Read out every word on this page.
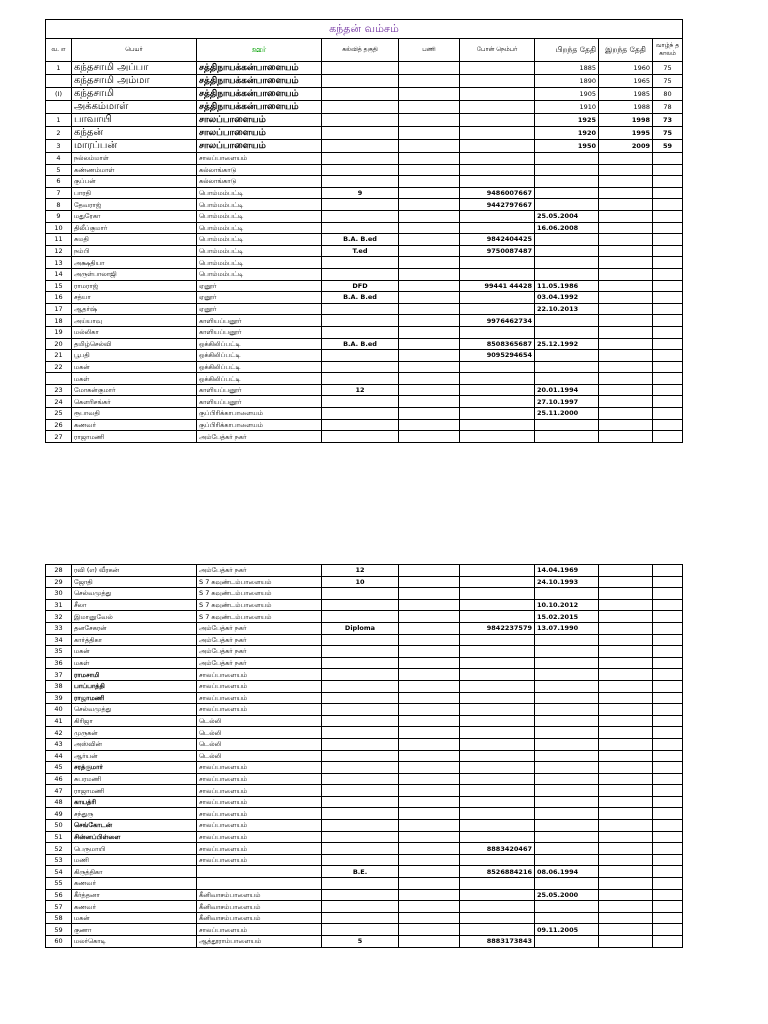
கந்தன் வம்சம்								
வ. எ	பெயர்	ஊர்	கல்வித் தகுதி	பணி	போன் நெம்பர்	பிறந்த தேதி	இறந்த தேதி	வாழ்ந் த காலம்
1	கந்தசாமி அப்பா	சத்திநாயக்கன்பாளையம்				1885	1960	75
	கந்தசாமி அம்மா	சத்திநாயக்கன்பாளையம்				1890	1965	75
(I)	கந்தசாமி	சத்திநாயக்கன்பாளையம்				1905	1985	80
	அக்கம்மாள்	சத்திநாயக்கன்பாளையம்				1910	1988	78
1	பாவாயி	சாலப்பாளையம்				1925	1998	73
2	கந்தன்	சாலப்பாளையம்				1920	1995	75
3	மாரப்பன்	சாலப்பாளையம்				1950	2009	59
4	நல்லம்மாள்	சாலப்பாளையம்						
5	கண்ணம்மாள்	கல்லாங்காடு						
6	குப்பன்	கல்லாங்காடு						
7	பாரதி	பொம்மம்பட்டி	9		9486007667			
8	தேவராஜ்	பொம்மம்பட்டி			9442797667			
9	மதுரேகா	பொம்மம்பட்டி				25.05.2004		
10	திலீப்குமார்	பொம்மம்பட்டி				16.06.2008		
11	சுமதி	பொம்மம்பட்டி	B.A. B.ed		9842404425			
12	நம்பி	பொம்மம்பட்டி	T.ed		9750087487			
13	அக்ஷதியா	பொம்மம்பட்டி						
14	அருள்பாலாஜி	பொம்மம்பட்டி						
15	ராமராஜ்	ஏனூர்	DFD		99441 44428	11.05.1986		
16	சத்யா	ஏனூர்	B.A. B.ed			03.04.1992		
17	ஆதர்ஷ்	ஏனூர்				22.10.2013		
18	அய்யாவு	காளியப்பனூர்			9976462734			
19	மல்லிகா	காளியப்பனூர்						
20	தமிழ்செல்வி	ஒக்கிலிப்பட்டி	B.A. B.ed		8508365687	25.12.1992		
21	பூபதி	ஒக்கிலிப்பட்டி			9095294654			
22	மகன்	ஒக்கிலிப்பட்டி						
	மகள்	ஒக்கிலிப்பட்டி						
23	மோகன்குமார்	காளியப்பனூர்	12			20.01.1994		
24	கௌரிசங்கர்	காளியப்பனூர்				27.10.1997		
25	ரூபாவதி	குப்பிரிக்காபாளையம்				25.11.2000		
26	கணவர்	குப்பிரிக்காபாளையம்						
27	ராஜாமணி	அம்பேத்கர் நகர்						
28	ரவி (எ) வீரகன்	அம்பேத்கர் நகர்	12			14.04.1969		
29	ஜோதி	S 7 கவுண்டம்பாளையம்	10			24.10.1993		
30	செல்வமுத்து	S 7 கவுண்டம்பாளையம்						
31	சீலா	S 7 கவுண்டம்பாளையம்				10.10.2012		
32	இமானுவேல்	S 7 கவுண்டம்பாளையம்				15.02.2015		
33	தனசேகரன்	அம்பேத்கர் நகர்	Diploma		9842237579	13.07.1990		
34	கார்த்திகா	அம்பேத்கர் நகர்						
35	மகன்	அம்பேத்கர் நகர்						
36	மகள்	அம்பேத்கர் நகர்						
37	ராமசாமி	சாலப்பாளையம்						
38	பாப்பாத்தி	சாலப்பாளையம்						
39	ராஜாமணி	சாலப்பாளையம்						
40	செல்வமுத்து	சாலப்பாளையம்						
41	கிரிஜா	டெல்லி						
42	முருகன்	டெல்லி						
43	அஸ்வின்	டெல்லி						
44	ஆர்யன்	டெல்லி						
45	சரத்குமார்	சாலப்பாளையம்						
46	சுபரமணி	சாலப்பாளையம்						
47	ராஜாமணி	சாலப்பாளையம்						
48	காயத்ரி	சாலப்பாளையம்						
49	சந்துரு	சாலப்பாளையம்						
50	செங்கோடன்	சாலப்பாளையம்						
51	சின்னப்பிள்ளை	சாலப்பாளையம்						
52	பெருமாயி	சாலப்பாளையம்			8883420467			
53	மணி	சாலப்பாளையம்						
54	கிருத்திகா		B.E.		8526884216	08.06.1994		
55	கணவர்							
56	கீர்த்தனா	கீனிவாசம்பாளையம்				25.05.2000		
57	கணவர்	கீனிவாசம்பாளையம்						
58	மகன்	கீனிவாசம்பாளையம்						
59	குணா	சாலப்பாளையம்				09.11.2005		
60	மலர்கொடி	ஆத்தூராம்பாளையம்	5		8883173843			
